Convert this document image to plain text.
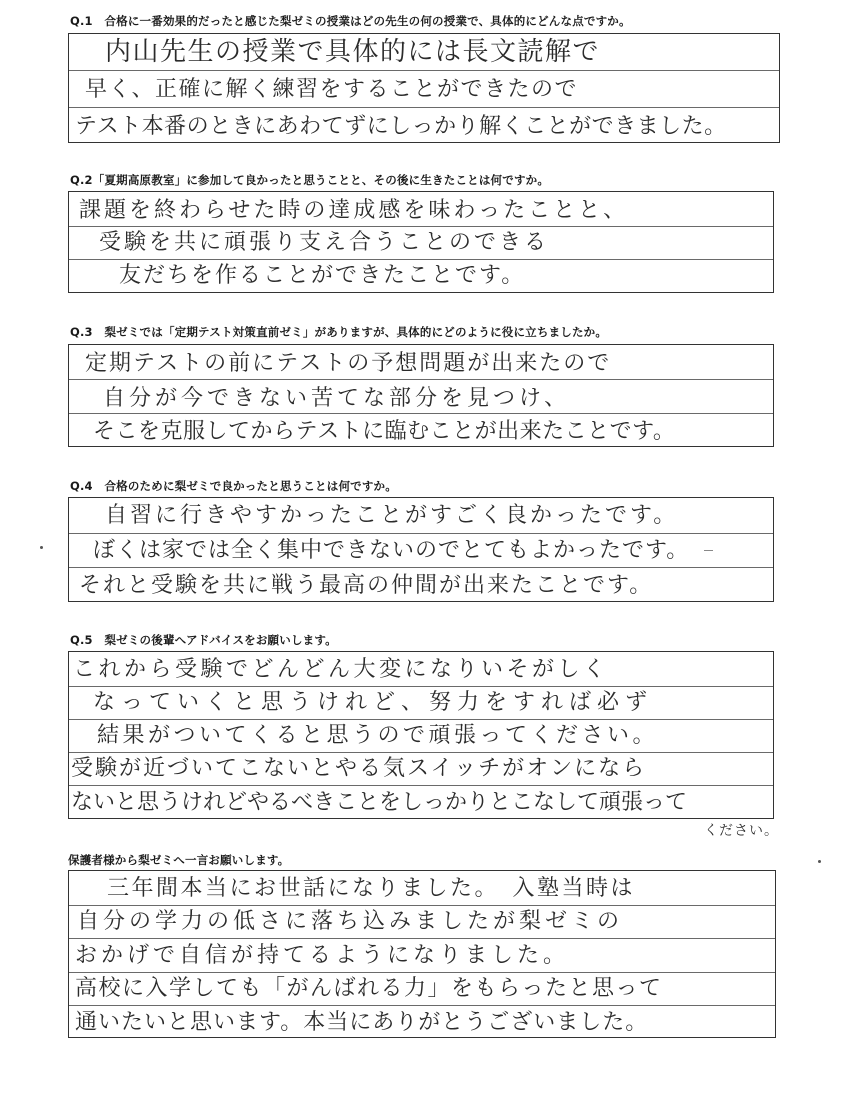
Q.1　合格に一番効果的だったと感じた梨ゼミの授業はどの先生の何の授業で、具体的にどんな点ですか。
内山先生の授業で具体的には長文読解で
早く、正確に解く練習をすることができたので
テスト本番のときにあわてずにしっかり解くことができました。
Q.2「夏期高原教室」に参加して良かったと思うことと、その後に生きたことは何ですか。
課題を終わらせた時の達成感を味わったことと、
受験を共に頑張り支え合うことのできる
友だちを作ることができたことです。
Q.3　梨ゼミでは「定期テスト対策直前ゼミ」がありますが、具体的にどのように役に立ちましたか。
定期テストの前にテストの予想問題が出来たので
自分が今できない苦てな部分を見つけ、
そこを克服してからテストに臨むことが出来たことです。
Q.4　合格のために梨ゼミで良かったと思うことは何ですか。
自習に行きやすかったことがすごく良かったです。
ぼくは家では全く集中できないのでとてもよかったです。
それと受験を共に戦う最高の仲間が出来たことです。
Q.5　梨ゼミの後輩へアドバイスをお願いします。
これから受験でどんどん大変になりいそがしく
なっていくと思うけれど、努力をすれば必ず
結果がついてくると思うので頑張ってください。
受験が近づいてこないとやる気スイッチがオンになら
ないと思うけれどやるべきことをしっかりとこなして頑張って
ください。
保護者様から梨ゼミへ一言お願いします。
三年間本当にお世話になりました。　入塾当時は
自分の学力の低さに落ち込みましたが梨ゼミの
おかげで自信が持てるようになりました。
高校に入学しても「がんばれる力」をもらったと思って
通いたいと思います。本当にありがとうございました。
